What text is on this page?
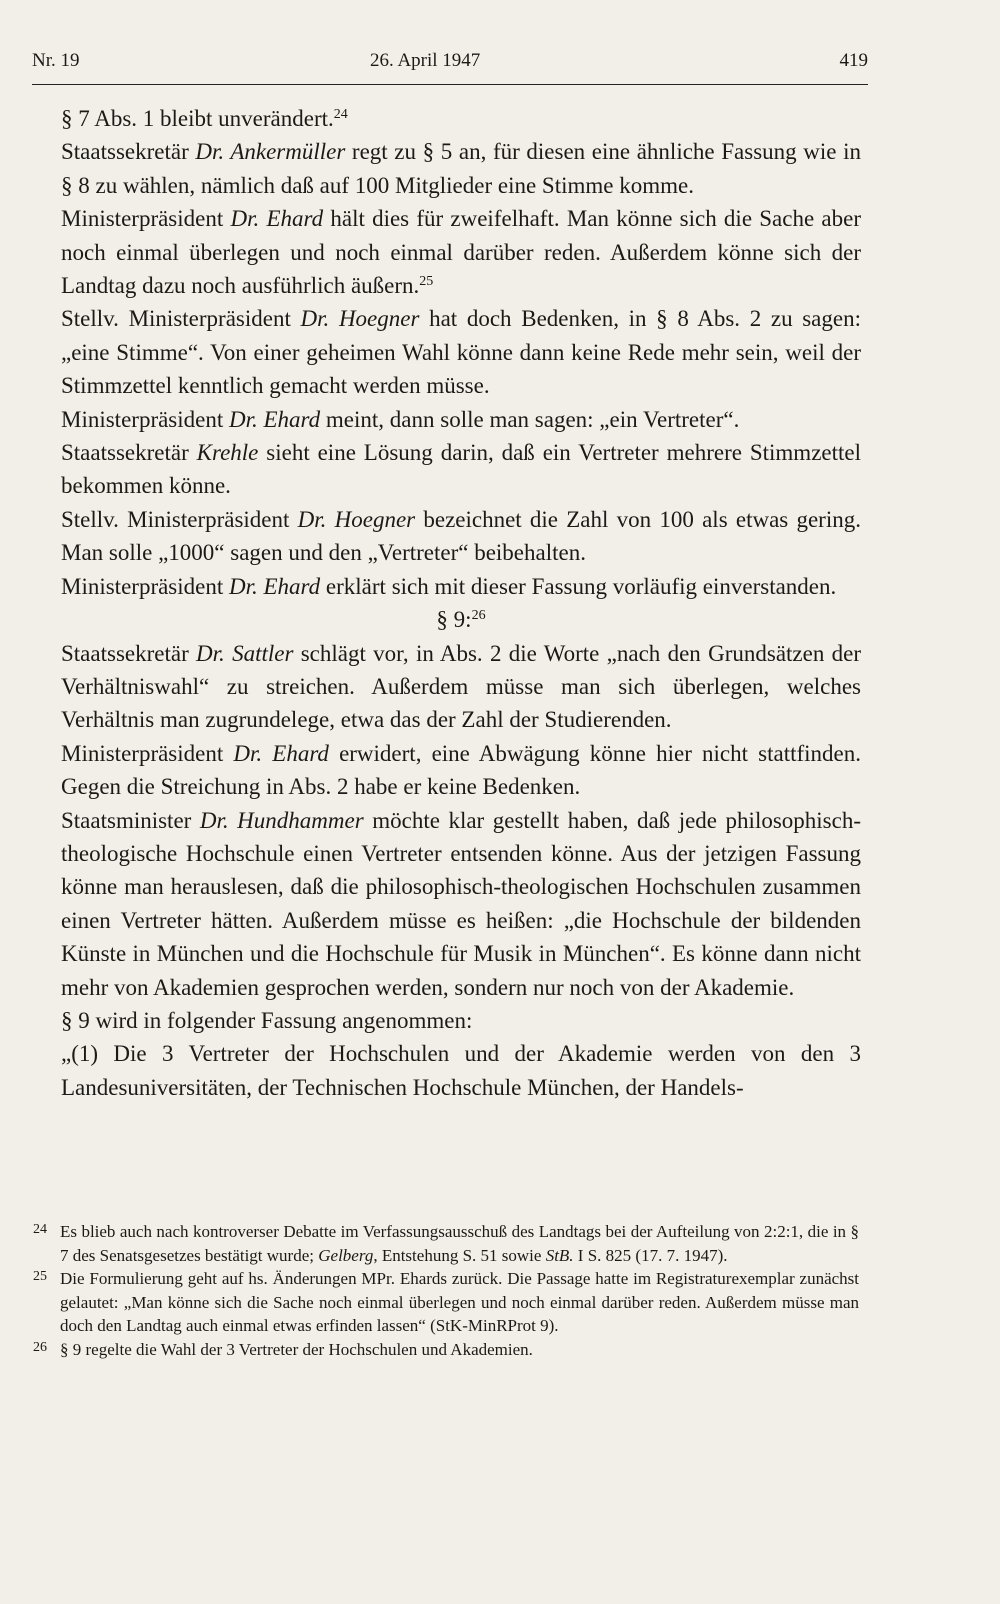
Nr. 19	26. April 1947	419

§ 7 Abs. 1 bleibt unverändert.$^{24}$

Staatssekretär Dr. Ankermüller regt zu § 5 an, für diesen eine ähnliche Fassung wie in § 8 zu wählen, nämlich daß auf 100 Mitglieder eine Stimme komme.

Ministerpräsident Dr. Ehard hält dies für zweifelhaft. Man könne sich die Sache aber noch einmal überlegen und noch einmal darüber reden. Außerdem könne sich der Landtag dazu noch ausführlich äußern.$^{25}$

Stellv. Ministerpräsident Dr. Hoegner hat doch Bedenken, in § 8 Abs. 2 zu sagen: „eine Stimme“. Von einer geheimen Wahl könne dann keine Rede mehr sein, weil der Stimmzettel kenntlich gemacht werden müsse.

Ministerpräsident Dr. Ehard meint, dann solle man sagen: „ein Vertreter“.

Staatssekretär Krehle sieht eine Lösung darin, daß ein Vertreter mehrere Stimmzettel bekommen könne.

Stellv. Ministerpräsident Dr. Hoegner bezeichnet die Zahl von 100 als etwas gering. Man solle „1000“ sagen und den „Vertreter“ beibehalten.

Ministerpräsident Dr. Ehard erklärt sich mit dieser Fassung vorläufig einverstanden.

§ 9:$^{26}$

Staatssekretär Dr. Sattler schlägt vor, in Abs. 2 die Worte „nach den Grundsätzen der Verhältniswahl“ zu streichen. Außerdem müsse man sich überlegen, welches Verhältnis man zugrundelege, etwa das der Zahl der Studierenden.

Ministerpräsident Dr. Ehard erwidert, eine Abwägung könne hier nicht stattfinden. Gegen die Streichung in Abs. 2 habe er keine Bedenken.

Staatsminister Dr. Hundhammer möchte klar gestellt haben, daß jede philosophisch-theologische Hochschule einen Vertreter entsenden könne. Aus der jetzigen Fassung könne man herauslesen, daß die philosophisch-theologischen Hochschulen zusammen einen Vertreter hätten. Außerdem müsse es heißen: „die Hochschule der bildenden Künste in München und die Hochschule für Musik in München“. Es könne dann nicht mehr von Akademien gesprochen werden, sondern nur noch von der Akademie.

§ 9 wird in folgender Fassung angenommen:

„(1) Die 3 Vertreter der Hochschulen und der Akademie werden von den 3 Landesuniversitäten, der Technischen Hochschule München, der Handels-

24 Es blieb auch nach kontroverser Debatte im Verfassungsausschuß des Landtags bei der Aufteilung von 2:2:1, die in § 7 des Senatsgesetzes bestätigt wurde; Gelberg, Entstehung S. 51 sowie StB. I S. 825 (17. 7. 1947).

25 Die Formulierung geht auf hs. Änderungen MPr. Ehards zurück. Die Passage hatte im Registraturexemplar zunächst gelautet: „Man könne sich die Sache noch einmal überlegen und noch einmal darüber reden. Außerdem müsse man doch den Landtag auch einmal etwas erfinden lassen“ (StK-MinRProt 9).

26 § 9 regelte die Wahl der 3 Vertreter der Hochschulen und Akademien.
